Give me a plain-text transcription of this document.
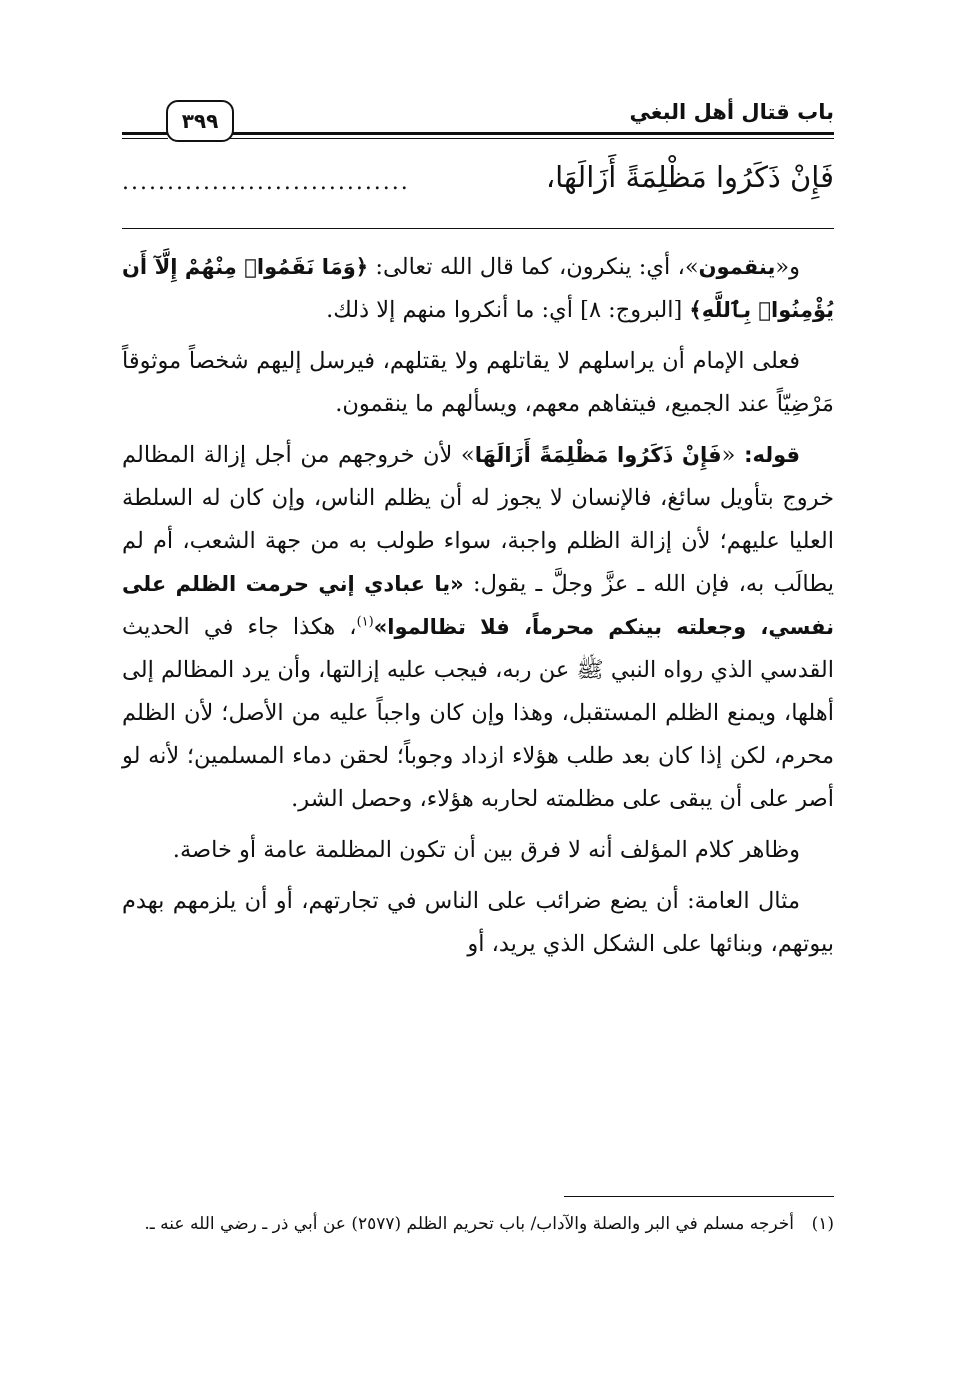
باب قتال أهل البغي
٣٩٩
فَإِنْ ذَكَرُوا مَظْلِمَةً أَزَالَهَا،
................................

و«ينقمون»، أي: ينكرون، كما قال الله تعالى: ﴿وَمَا نَقَمُوا۟ مِنْهُمْ إِلَّآ أَن يُؤْمِنُوا۟ بِٱللَّهِ﴾ [البروج: ٨] أي: ما أنكروا منهم إلا ذلك.

فعلى الإمام أن يراسلهم لا يقاتلهم ولا يقتلهم، فيرسل إليهم شخصاً موثوقاً مَرْضِيّاً عند الجميع، فيتفاهم معهم، ويسألهم ما ينقمون.

قوله: «فَإِنْ ذَكَرُوا مَظْلِمَةً أَزَالَهَا» لأن خروجهم من أجل إزالة المظالم خروج بتأويل سائغ، فالإنسان لا يجوز له أن يظلم الناس، وإن كان له السلطة العليا عليهم؛ لأن إزالة الظلم واجبة، سواء طولب به من جهة الشعب، أم لم يطالَب به، فإن الله ـ عزَّ وجلَّ ـ يقول: «يا عبادي إني حرمت الظلم على نفسي، وجعلته بينكم محرماً، فلا تظالموا»$^{(١)}$، هكذا جاء في الحديث القدسي الذي رواه النبي ﷺ عن ربه، فيجب عليه إزالتها، وأن يرد المظالم إلى أهلها، ويمنع الظلم المستقبل، وهذا وإن كان واجباً عليه من الأصل؛ لأن الظلم محرم، لكن إذا كان بعد طلب هؤلاء ازداد وجوباً؛ لحقن دماء المسلمين؛ لأنه لو أصر على أن يبقى على مظلمته لحاربه هؤلاء، وحصل الشر.

وظاهر كلام المؤلف أنه لا فرق بين أن تكون المظلمة عامة أو خاصة.

مثال العامة: أن يضع ضرائب على الناس في تجارتهم، أو أن يلزمهم بهدم بيوتهم، وبنائها على الشكل الذي يريد، أو

(١)أخرجه مسلم في البر والصلة والآداب/ باب تحريم الظلم (٢٥٧٧) عن أبي ذر ـ رضي الله عنه ـ.
